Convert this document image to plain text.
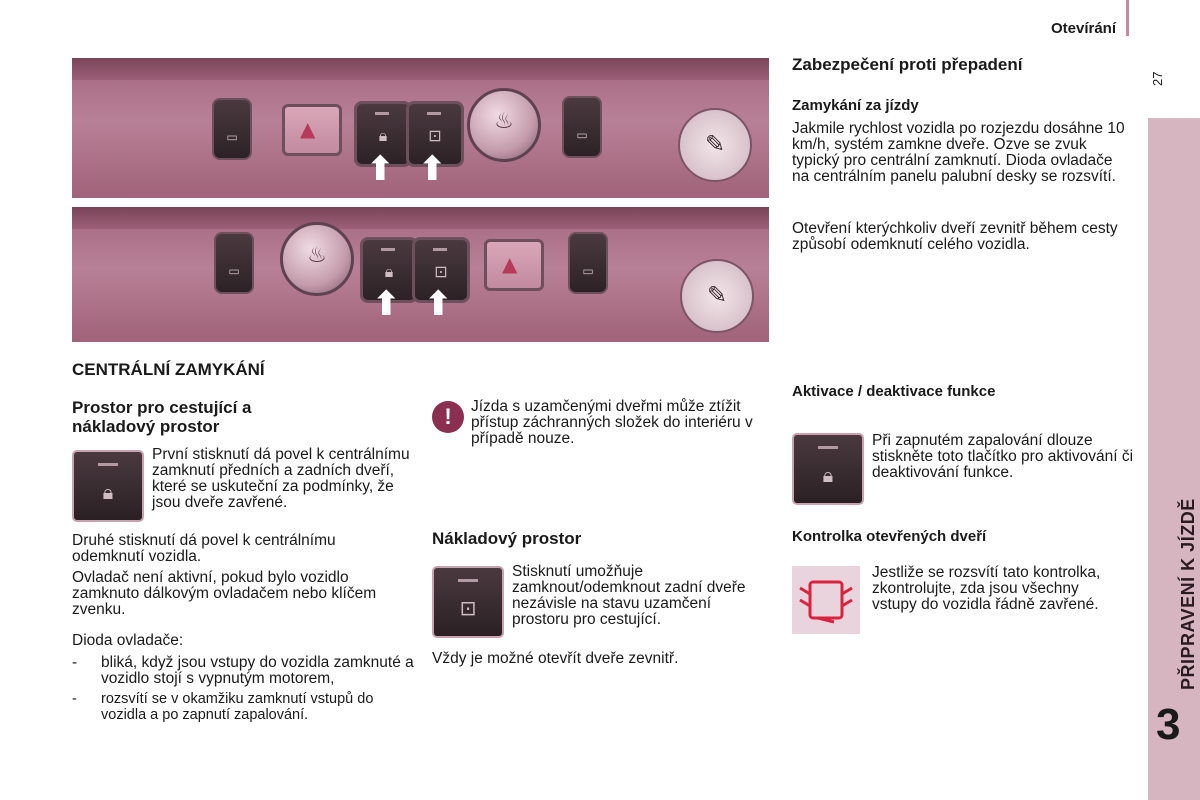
Otevírání
27
PŘIPRAVENÍ K JÍZDĚ
3
▭	▲	🔒︎	⊡
♨
▭	✎
⬆ ⬆
▭
♨
🔒︎	⊡	▲	▭
✎
⬆ ⬆
CENTRÁLNÍ ZAMYKÁNÍ
Prostor pro cestující a nákladový prostor
🔒︎

První stisknutí dá povel k centrálnímu zamknutí předních a zadních dveří, které se uskuteční za podmínky, že jsou dveře zavřené.

Druhé stisknutí dá povel k centrálnímu odemknutí vozidla.

Ovladač není aktivní, pokud bylo vozidlo zamknuto dálkovým ovladačem nebo klíčem zvenku.

Dioda ovladače:

- bliká, když jsou vstupy do vozidla zamknuté a vozidlo stojí s vypnutým motorem,
- rozsvítí se v okamžiku zamknutí vstupů do vozidla a po zapnutí zapalování.
!	Jízda s uzamčenými dveřmi může ztížit přístup záchranných složek do interiéru v případě nouze.

Nákladový prostor
⊡

Stisknutí umožňuje zamknout/odemknout zadní dveře nezávisle na stavu uzamčení prostoru pro cestující.

Vždy je možné otevřít dveře zevnitř.

Zabezpečení proti přepadení
Zamykání za jízdy

Jakmile rychlost vozidla po rozjezdu dosáhne 10 km/h, systém zamkne dveře. Ozve se zvuk typický pro centrální zamknutí. Dioda ovladače na centrálním panelu palubní desky se rozsvítí.

Otevření kterýchkoliv dveří zevnitř během cesty způsobí odemknutí celého vozidla.

Aktivace / deaktivace funkce
🔒︎

Při zapnutém zapalování dlouze stiskněte toto tlačítko pro aktivování či deaktivování funkce.

Kontrolka otevřených dveří

Jestliže se rozsvítí tato kontrolka, zkontrolujte, zda jsou všechny vstupy do vozidla řádně zavřené.
